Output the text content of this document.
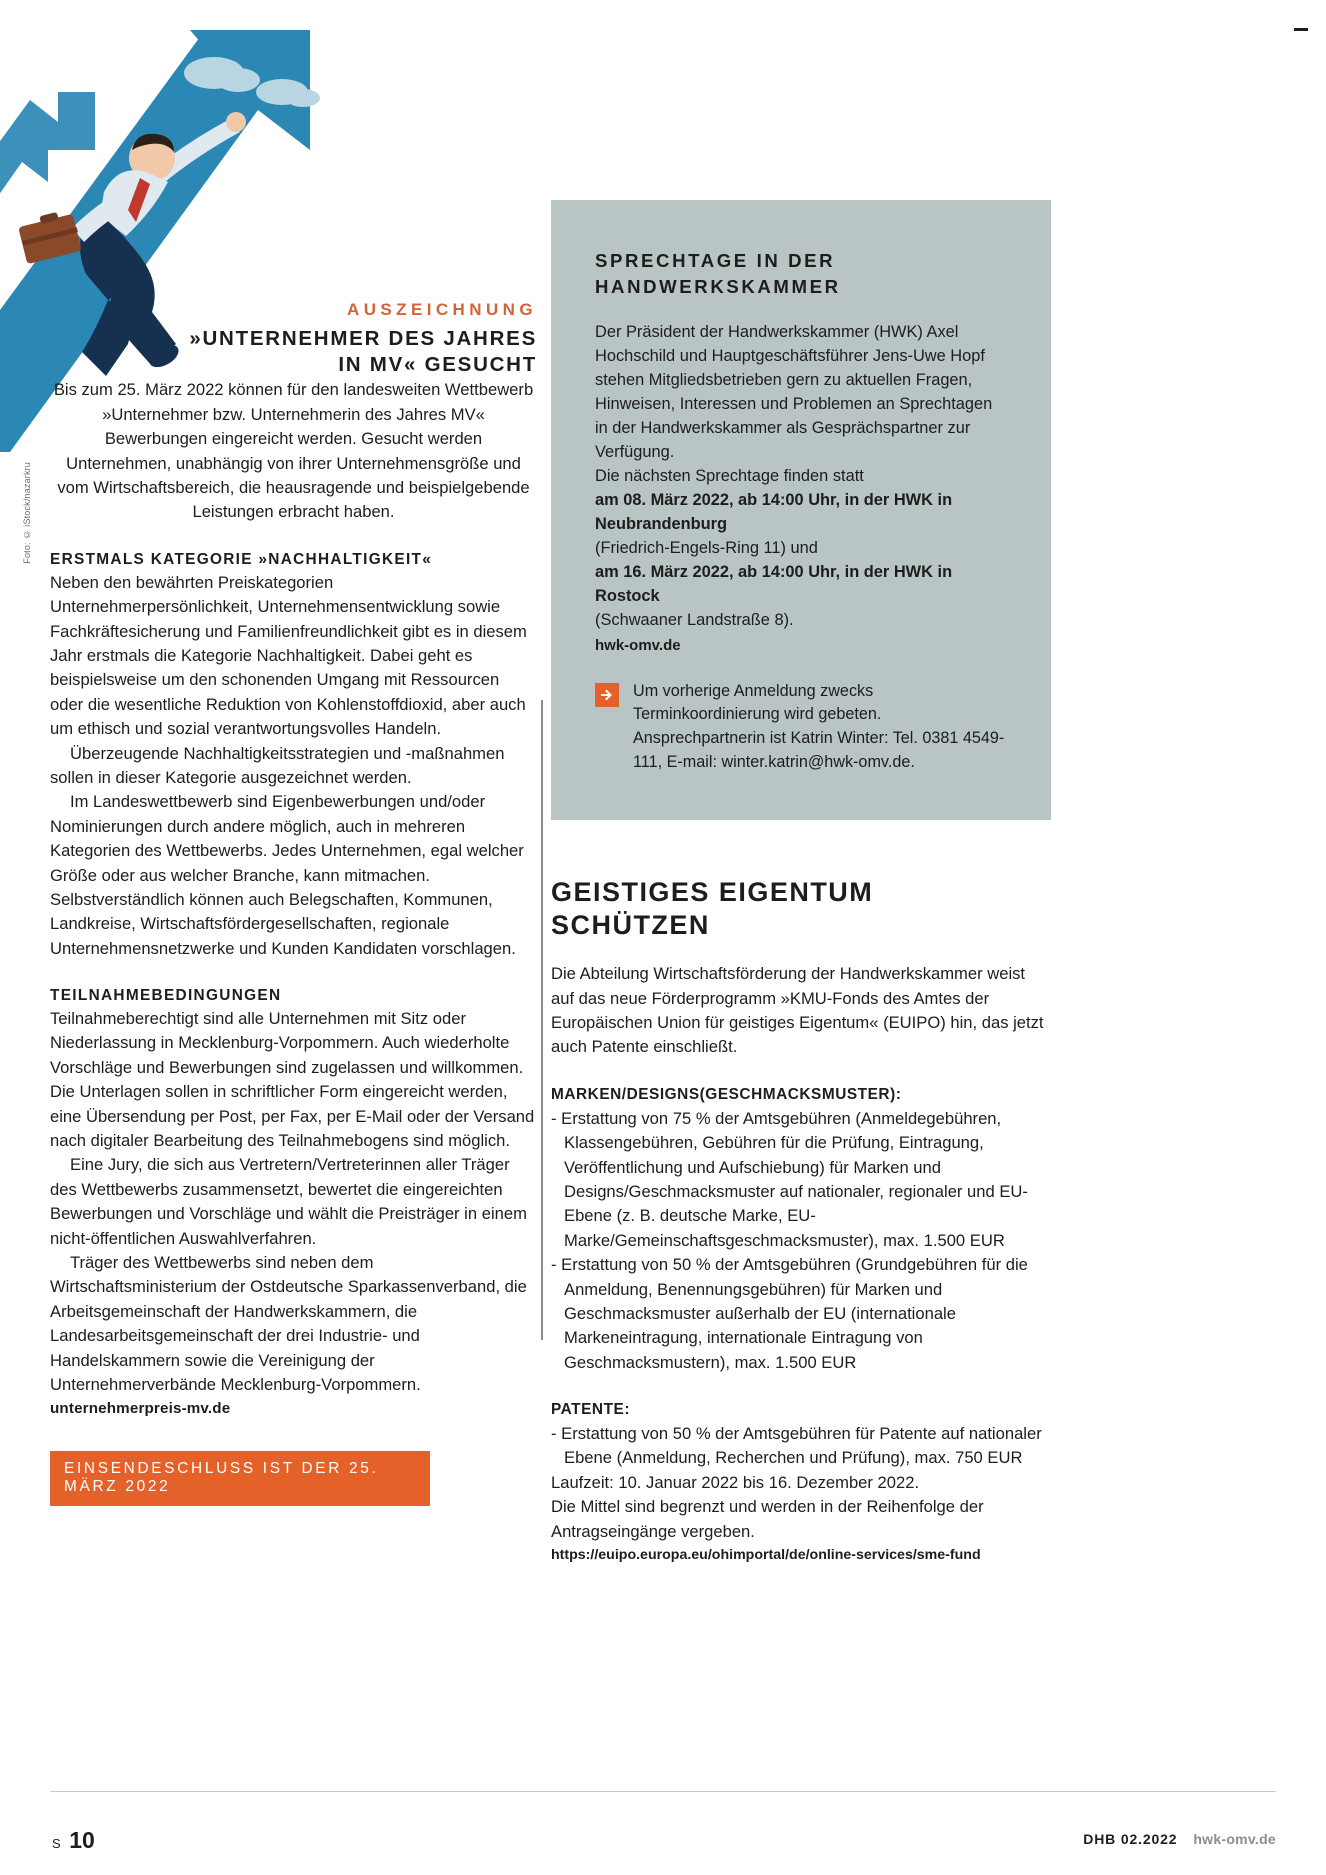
Foto: © iStock/nazarkru
AUSZEICHNUNG
»UNTERNEHMER DES JAHRES
IN MV« GESUCHT

Bis zum 25. März 2022 können für den landesweiten Wettbewerb »Unternehmer bzw. Unternehmerin des Jahres MV« Bewerbungen eingereicht werden. Gesucht werden Unternehmen, unabhängig von ihrer Unternehmensgröße und vom Wirtschaftsbereich, die heausragende und beispielgebende Leistungen erbracht haben.

ERSTMALS KATEGORIE »NACHHALTIGKEIT«

Neben den bewährten Preiskategorien Unternehmerpersönlichkeit, Unternehmensentwicklung sowie Fachkräftesicherung und Familienfreundlichkeit gibt es in diesem Jahr erstmals die Kategorie Nachhaltigkeit. Dabei geht es beispielsweise um den schonenden Umgang mit Ressourcen oder die wesentliche Reduktion von Kohlenstoffdioxid, aber auch um ethisch und sozial verantwortungsvolles Handeln.

Überzeugende Nachhaltigkeitsstrategien und -maßnahmen sollen in dieser Kategorie ausgezeichnet werden.

Im Landeswettbewerb sind Eigenbewerbungen und/oder Nominierungen durch andere möglich, auch in mehreren Kategorien des Wettbewerbs. Jedes Unternehmen, egal welcher Größe oder aus welcher Branche, kann mitmachen. Selbstverständlich können auch Belegschaften, Kommunen, Landkreise, Wirtschaftsfördergesellschaften, regionale Unternehmensnetzwerke und Kunden Kandidaten vorschlagen.

TEILNAHMEBEDINGUNGEN

Teilnahmeberechtigt sind alle Unternehmen mit Sitz oder Niederlassung in Mecklenburg-Vorpommern. Auch wiederholte Vorschläge und Bewerbungen sind zugelassen und willkommen. Die Unterlagen sollen in schriftlicher Form eingereicht werden, eine Übersendung per Post, per Fax, per E-Mail oder der Versand nach digitaler Bearbeitung des Teilnahmebogens sind möglich.

Eine Jury, die sich aus Vertretern/Vertreterinnen aller Träger des Wettbewerbs zusammensetzt, bewertet die eingereichten Bewerbungen und Vorschläge und wählt die Preisträger in einem nicht-öffentlichen Auswahlverfahren.

Träger des Wettbewerbs sind neben dem Wirtschaftsministerium der Ostdeutsche Sparkassenverband, die Arbeitsgemeinschaft der Handwerkskammern, die Landesarbeitsgemeinschaft der drei Industrie- und Handelskammern sowie die Vereinigung der Unternehmerverbände Mecklenburg-Vorpommern.

unternehmerpreis-mv.de
EINSENDESCHLUSS IST DER 25. MÄRZ 2022
SPRECHTAGE IN DER
HANDWERKSKAMMER

Der Präsident der Handwerkskammer (HWK) Axel Hochschild und Hauptgeschäftsführer Jens-Uwe Hopf stehen Mitgliedsbetrieben gern zu aktuellen Fragen, Hinweisen, Interessen und Problemen an Sprechtagen in der Handwerkskammer als Gesprächspartner zur Verfügung.

Die nächsten Sprechtage finden statt

am 08. März 2022, ab 14:00 Uhr, in der HWK in Neubrandenburg

(Friedrich-Engels-Ring 11) und

am 16. März 2022, ab 14:00 Uhr, in der HWK in Rostock

(Schwaaner Landstraße 8).

hwk-omv.de

Um vorherige Anmeldung zwecks Terminkoordinierung wird gebeten. Ansprechpartnerin ist Katrin Winter: Tel. 0381 4549-111, E-mail: winter.katrin@hwk-omv.de.

GEISTIGES EIGENTUM
SCHÜTZEN

Die Abteilung Wirtschaftsförderung der Handwerkskammer weist auf das neue Förderprogramm »KMU-Fonds des Amtes der Europäischen Union für geistiges Eigentum« (EUIPO) hin, das jetzt auch Patente einschließt.

MARKEN/DESIGNS(GESCHMACKSMUSTER):
- Erstattung von 75 % der Amtsgebühren (Anmeldegebühren, Klassengebühren, Gebühren für die Prüfung, Eintragung, Veröffentlichung und Aufschiebung) für Marken und Designs/Geschmacksmuster auf nationaler, regionaler und EU-Ebene (z. B. deutsche Marke, EU-Marke/Gemeinschaftsgeschmacksmuster), max. 1.500 EUR
- Erstattung von 50 % der Amtsgebühren (Grundgebühren für die Anmeldung, Benennungsgebühren) für Marken und Geschmacksmuster außerhalb der EU (internationale Markeneintragung, internationale Eintragung von Geschmacksmustern), max. 1.500 EUR
PATENTE:
- Erstattung von 50 % der Amtsgebühren für Patente auf nationaler Ebene (Anmeldung, Recherchen und Prüfung), max. 750 EUR

Laufzeit: 10. Januar 2022 bis 16. Dezember 2022.

Die Mittel sind begrenzt und werden in der Reihenfolge der Antragseingänge vergeben.

https://euipo.europa.eu/ohimportal/de/online-services/sme-fund
S 10	DHB 02.2022 hwk-omv.de
